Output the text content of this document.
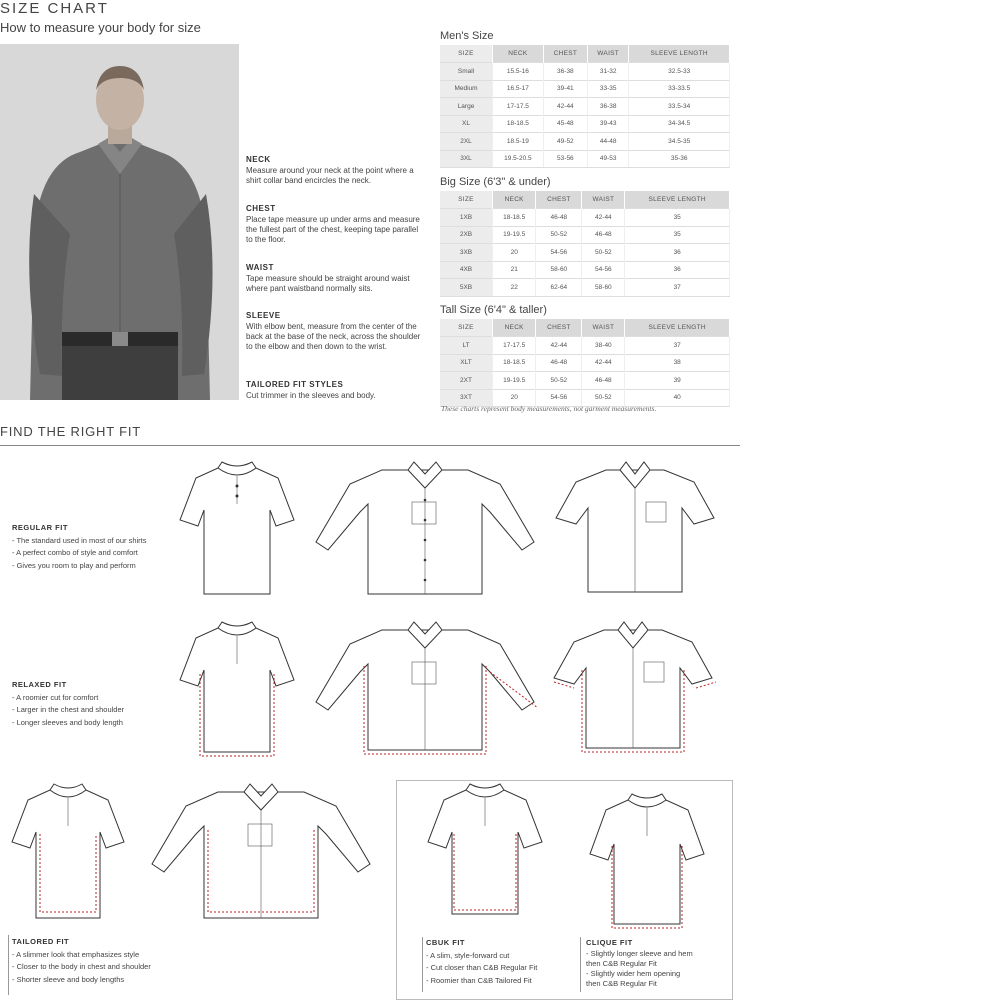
SIZE CHART
How to measure your body for size
NECK
Measure around your neck at the point where a shirt collar band encircles the neck.
CHEST
Place tape measure up under arms and measure the fullest part of the chest, keeping tape parallel to the floor.
WAIST
Tape measure should be straight around waist where pant waistband normally sits.
SLEEVE
With elbow bent, measure from the center of the back at the base of the neck, across the shoulder to the elbow and then down to the wrist.
TAILORED FIT STYLES
Cut trimmer in the sleeves and body.
Men's Size
SIZE	NECK	CHEST	WAIST	SLEEVE LENGTH
Small	15.5-16	36-38	31-32	32.5-33
Medium	16.5-17	39-41	33-35	33-33.5
Large	17-17.5	42-44	36-38	33.5-34
XL	18-18.5	45-48	39-43	34-34.5
2XL	18.5-19	49-52	44-48	34.5-35
3XL	19.5-20.5	53-56	49-53	35-36
Big Size (6'3" & under)
SIZE	NECK	CHEST	WAIST	SLEEVE LENGTH
1XB	18-18.5	46-48	42-44	35
2XB	19-19.5	50-52	46-48	35
3XB	20	54-56	50-52	36
4XB	21	58-60	54-56	36
5XB	22	62-64	58-60	37
Tall Size (6'4" & taller)
SIZE	NECK	CHEST	WAIST	SLEEVE LENGTH
LT	17-17.5	42-44	38-40	37
XLT	18-18.5	46-48	42-44	38
2XT	19-19.5	50-52	46-48	39
3XT	20	54-56	50-52	40
These charts represent body measurements, not garment measurements.
FIND THE RIGHT FIT
REGULAR FIT
- The standard used in most of our shirts
- A perfect combo of style and comfort
- Gives you room to play and perform
RELAXED FIT
- A roomier cut for comfort
- Larger in the chest and shoulder
- Longer sleeves and body length
TAILORED FIT
- A slimmer look that emphasizes style
- Closer to the body in chest and shoulder
- Shorter sleeve and body lengths
CBUK FIT
- A slim, style-forward cut
- Cut closer than C&B Regular Fit
- Roomier than C&B Tailored Fit
CLIQUE FIT
- Slightly longer sleeve and hem
then C&B Regular Fit
- Slightly wider hem opening
then C&B Regular Fit
